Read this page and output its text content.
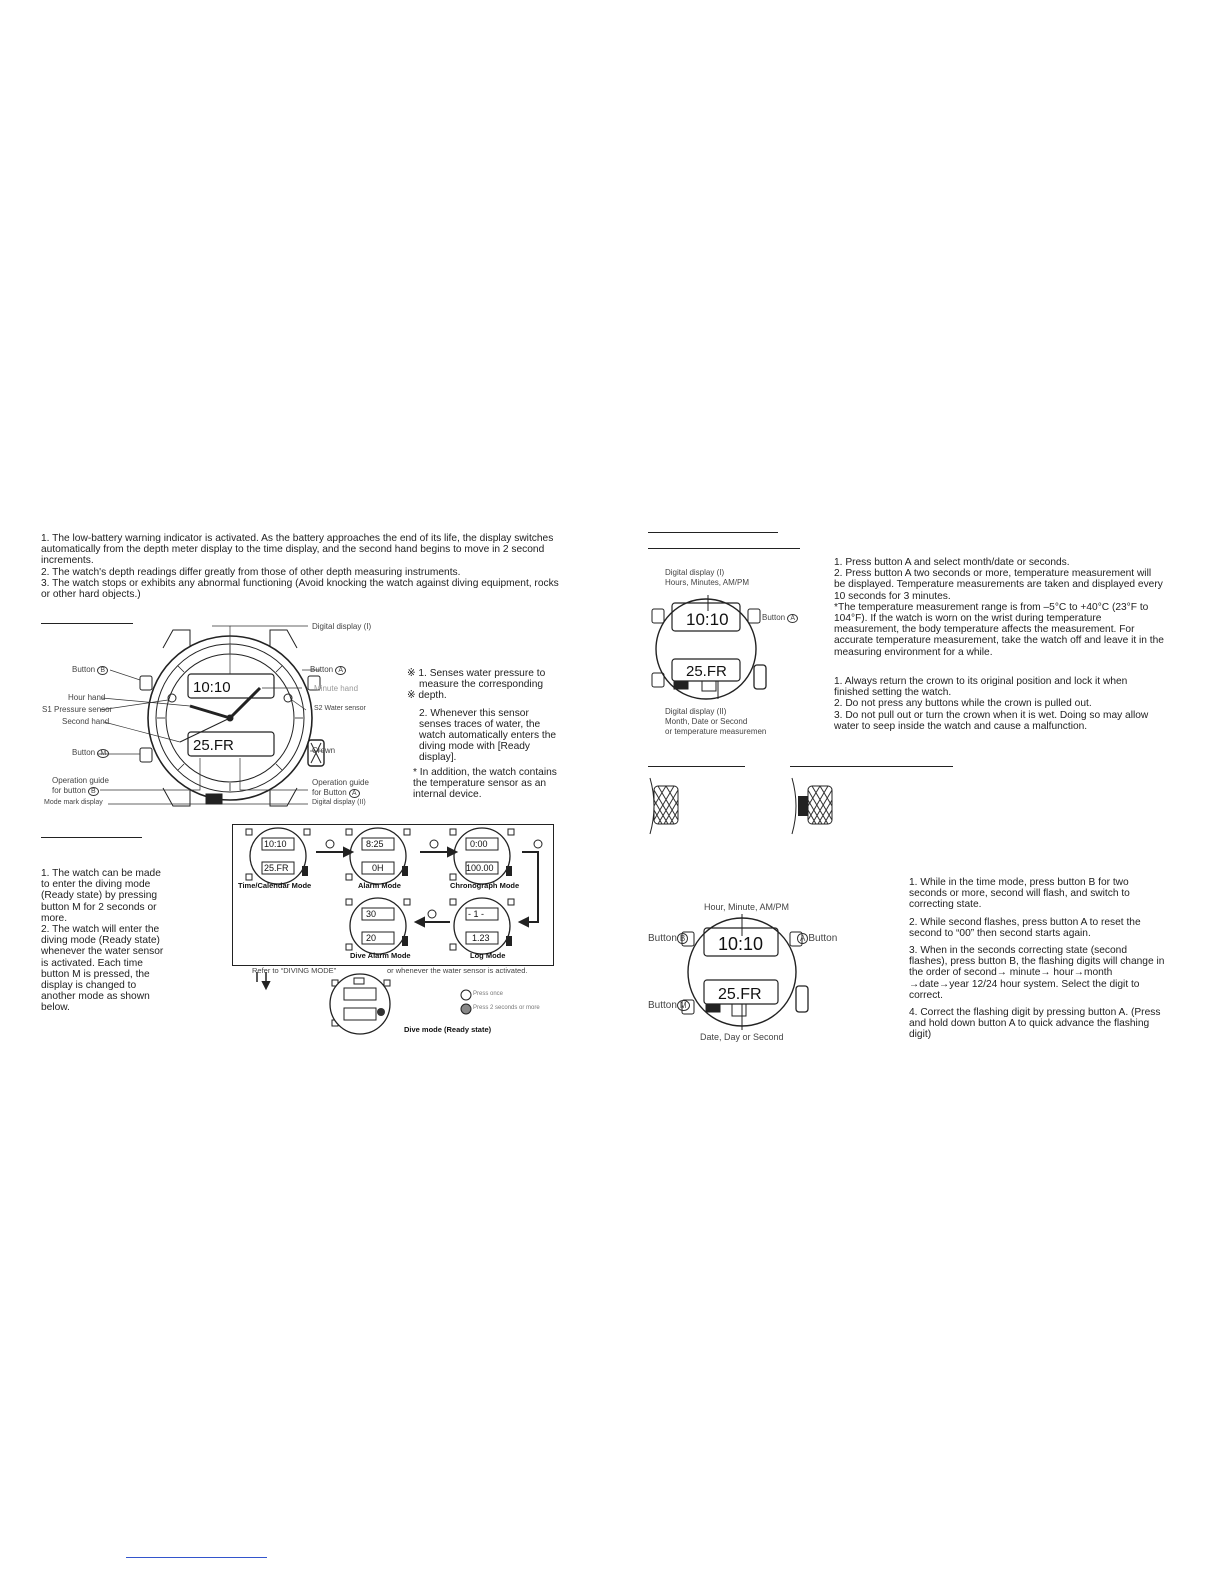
1. The low-battery warning indicator is activated. As the battery approaches the end of its life, the display switches automatically from the depth meter display to the time display, and the second hand begins to move in 2 second increments.

2. The watch's depth readings differ greatly from those of other depth measuring instruments.

3. The watch stops or exhibits any abnormal functioning (Avoid knocking the watch against diving equipment, rocks or other hard objects.)

10:10
25.FR
Digital display (I)
Button B	Button A
Minute hand
Hour hand
S1 Pressure sensor	S2 Water sensor
Second hand
Button M	Crown
Operation guide
for button B
Operation guide
for Button A
Mode mark display	Digital display (II)

※ 1. Senses water pressure to

measure the corresponding

※ depth.

2. Whenever this sensor senses traces of water, the watch automatically enters the diving mode with [Ready display].

* In addition, the watch contains the temperature sensor as an internal device.

1. The watch can be made to enter the diving mode (Ready state) by pressing button M for 2 seconds or more.

2. The watch will enter the diving mode (Ready state) whenever the water sensor is activated. Each time button M is pressed, the display is changed to another mode as shown below.

10:10
25.FR
8:25
0H
0:00
100.00
30
20
- 1 -
1.23
Time/Calendar Mode	Alarm Mode	Chronograph Mode
Dive Alarm Mode	Log Mode
Refer to “DIVING MODE”	or whenever the water sensor is activated.
Press once
Press 2 seconds or more
Dive mode (Ready state)
10:10
25.FR
Digital display (I)
Hours, Minutes, AM/PM
Button A
Digital display (II)
Month, Date or Second
or temperature measuremen

1. Press button A and select month/date or seconds.

2. Press button A two seconds or more, temperature measurement will be displayed. Temperature measurements are taken and displayed every 10 seconds for 3 minutes.

*The temperature measurement range is from –5°C to +40°C (23°F to 104°F). If the watch is worn on the wrist during temperature measurement, the body temperature affects the measurement. For accurate temperature measurement, take the watch off and leave it in the measuring environment for a while.

1. Always return the crown to its original position and lock it when finished setting the watch.

2. Do not press any buttons while the crown is pulled out.

3. Do not pull out or turn the crown when it is wet. Doing so may allow water to seep inside the watch and cause a malfunction.

10:10
25.FR
Hour, Minute, AM/PM
Button B	A Button
Button M
Date, Day or Second

1. While in the time mode, press button B for two seconds or more, second will flash, and switch to correcting state.

2. While second flashes, press button A to reset the second to “00” then second starts again.

3. When in the seconds correcting state (second flashes), press button B, the flashing digits will change in the order of second→ minute→ hour→month →date→year 12/24 hour system. Select the digit to correct.

4. Correct the flashing digit by pressing button A. (Press and hold down button A to quick advance the flashing digit)
